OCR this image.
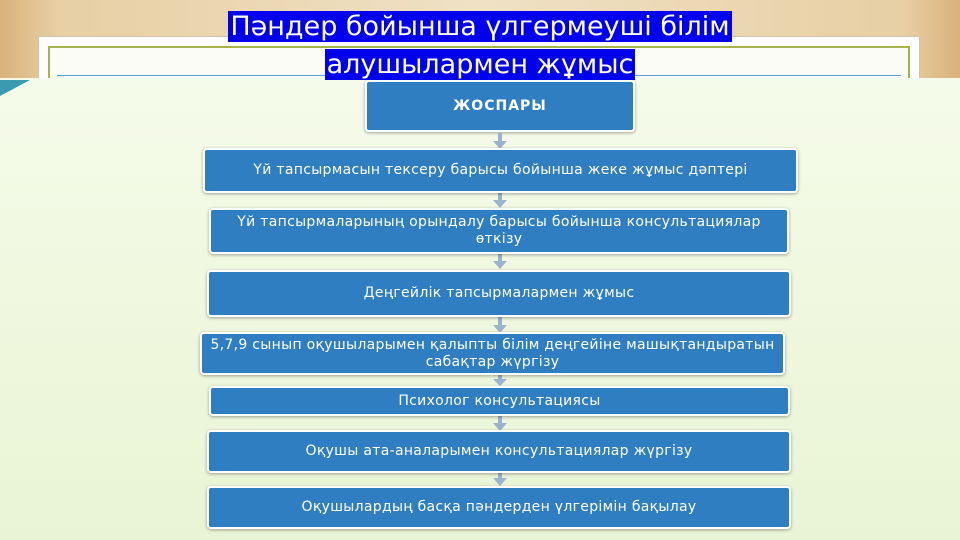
Пәндер бойынша үлгермеуші білім
алушылармен жұмыс
ЖОСПАРЫ
Үй тапсырмасын тексеру барысы бойынша жеке жұмыс дәптері
Үй тапсырмаларының орындалу барысы бойынша консультациялар өткізу
Деңгейлік тапсырмалармен жұмыс
5,7,9 сынып оқушыларымен қалыпты білім деңгейіне машықтандыратын сабақтар жүргізу
Психолог консультациясы
Оқушы ата-аналарымен консультациялар жүргізу
Оқушылардың басқа пәндерден үлгерімін бақылау
